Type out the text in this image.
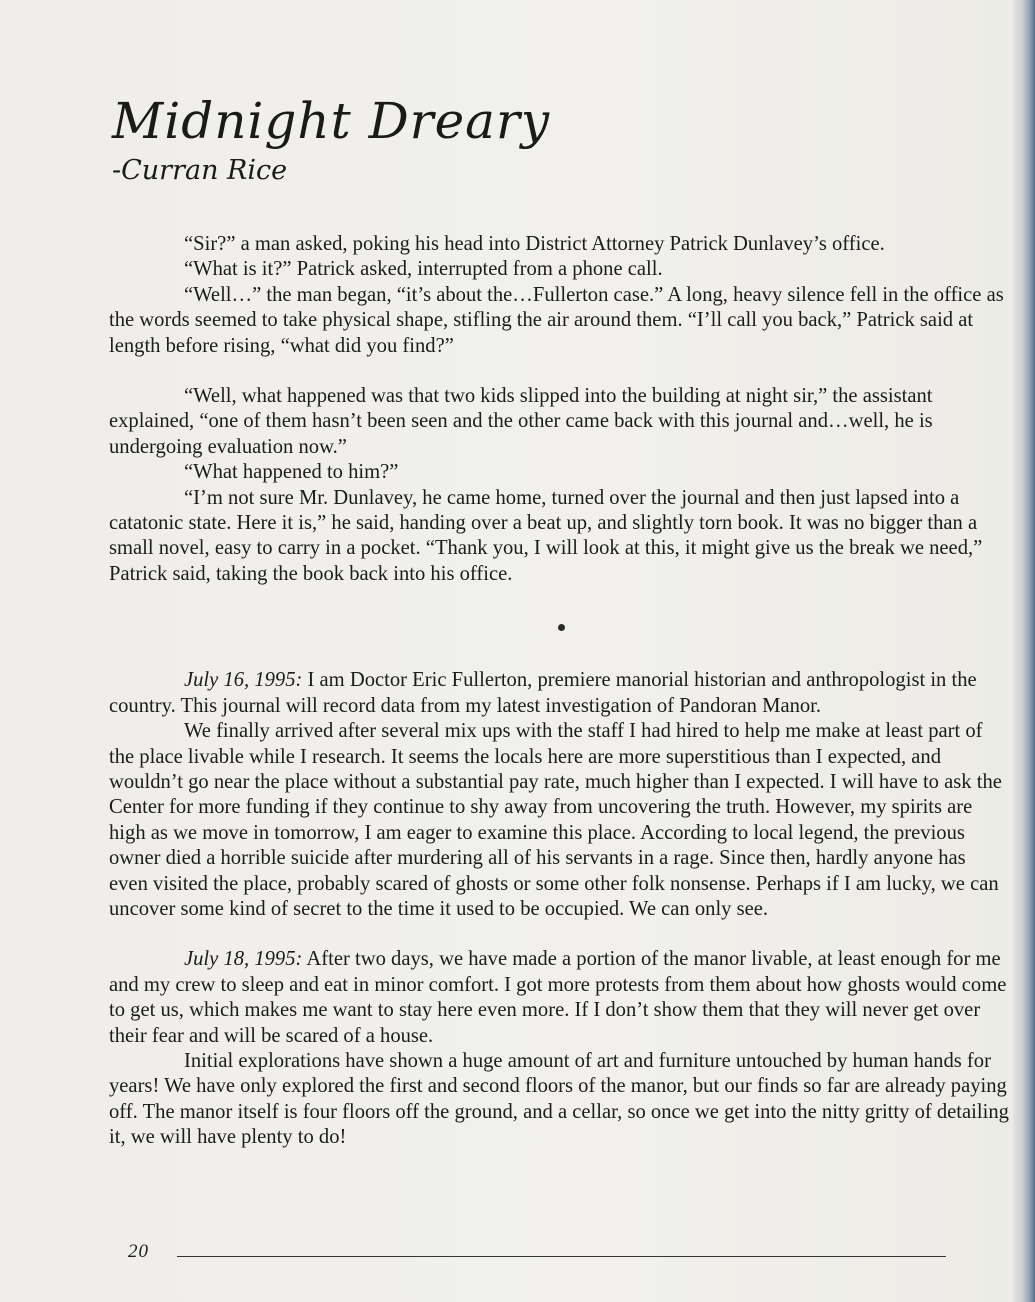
Midnight Dreary
-Curran Rice

“Sir?” a man asked, poking his head into District Attorney Patrick Dunlavey’s office.

“What is it?” Patrick asked, interrupted from a phone call.

“Well…” the man began, “it’s about the…Fullerton case.” A long, heavy silence fell in the office as the words seemed to take physical shape, stifling the air around them. “I’ll call you back,” Patrick said at length before rising, “what did you find?”

“Well, what happened was that two kids slipped into the building at night sir,” the assistant explained, “one of them hasn’t been seen and the other came back with this journal and…well, he is undergoing evaluation now.”

“What happened to him?”

“I’m not sure Mr. Dunlavey, he came home, turned over the journal and then just lapsed into a catatonic state. Here it is,” he said, handing over a beat up, and slightly torn book. It was no bigger than a small novel, easy to carry in a pocket. “Thank you, I will look at this, it might give us the break we need,” Patrick said, taking the book back into his office.

July 16, 1995: I am Doctor Eric Fullerton, premiere manorial historian and anthropologist in the country. This journal will record data from my latest investigation of Pandoran Manor.

We finally arrived after several mix ups with the staff I had hired to help me make at least part of the place livable while I research. It seems the locals here are more superstitious than I expected, and wouldn’t go near the place without a substantial pay rate, much higher than I expected. I will have to ask the Center for more funding if they continue to shy away from uncovering the truth. However, my spirits are high as we move in tomorrow, I am eager to examine this place. According to local legend, the previous owner died a horrible suicide after murdering all of his servants in a rage. Since then, hardly anyone has even visited the place, probably scared of ghosts or some other folk nonsense. Perhaps if I am lucky, we can uncover some kind of secret to the time it used to be occupied. We can only see.

July 18, 1995: After two days, we have made a portion of the manor livable, at least enough for me and my crew to sleep and eat in minor comfort. I got more protests from them about how ghosts would come to get us, which makes me want to stay here even more. If I don’t show them that they will never get over their fear and will be scared of a house.

Initial explorations have shown a huge amount of art and furniture untouched by human hands for years! We have only explored the first and second floors of the manor, but our finds so far are already paying off. The manor itself is four floors off the ground, and a cellar, so once we get into the nitty gritty of detailing it, we will have plenty to do!

20
